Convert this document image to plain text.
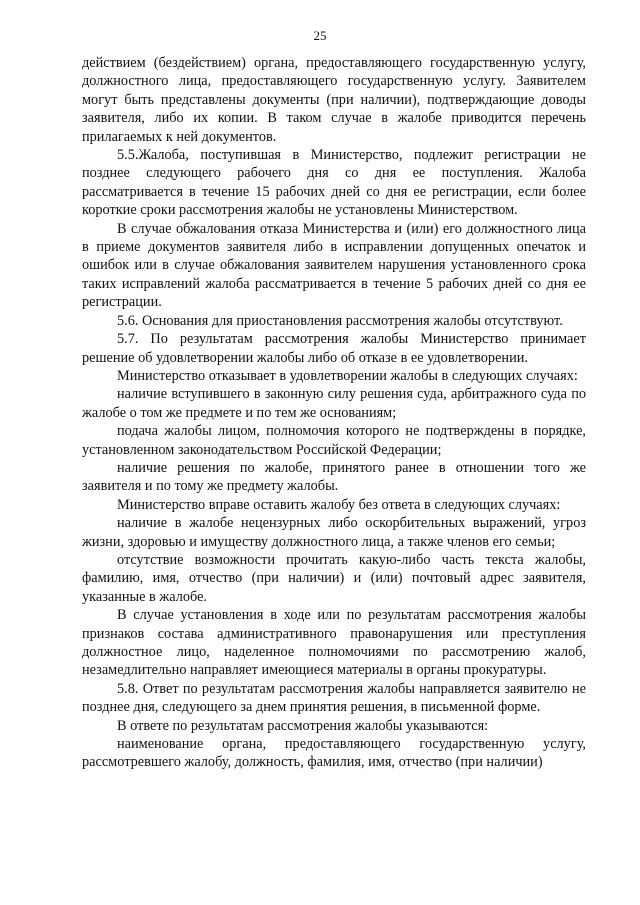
25

действием (бездействием) органа, предоставляющего государственную услугу, должностного лица, предоставляющего государственную услугу. Заявителем могут быть представлены документы (при наличии), подтверждающие доводы заявителя, либо их копии. В таком случае в жалобе приводится перечень прилагаемых к ней документов.

5.5.Жалоба, поступившая в Министерство, подлежит регистрации не позднее следующего рабочего дня со дня ее поступления. Жалоба рассматривается в течение 15 рабочих дней со дня ее регистрации, если более короткие сроки рассмотрения жалобы не установлены Министерством.

В случае обжалования отказа Министерства и (или) его должностного лица в приеме документов заявителя либо в исправлении допущенных опечаток и ошибок или в случае обжалования заявителем нарушения установленного срока таких исправлений жалоба рассматривается в течение 5 рабочих дней со дня ее регистрации.

5.6. Основания для приостановления рассмотрения жалобы отсутствуют.

5.7. По результатам рассмотрения жалобы Министерство принимает решение об удовлетворении жалобы либо об отказе в ее удовлетворении.

Министерство отказывает в удовлетворении жалобы в следующих случаях:

наличие вступившего в законную силу решения суда, арбитражного суда по жалобе о том же предмете и по тем же основаниям;

подача жалобы лицом, полномочия которого не подтверждены в порядке, установленном законодательством Российской Федерации;

наличие решения по жалобе, принятого ранее в отношении того же заявителя и по тому же предмету жалобы.

Министерство вправе оставить жалобу без ответа в следующих случаях:

наличие в жалобе нецензурных либо оскорбительных выражений, угроз жизни, здоровью и имуществу должностного лица, а также членов его семьи;

отсутствие возможности прочитать какую-либо часть текста жалобы, фамилию, имя, отчество (при наличии) и (или) почтовый адрес заявителя, указанные в жалобе.

В случае установления в ходе или по результатам рассмотрения жалобы признаков состава административного правонарушения или преступления должностное лицо, наделенное полномочиями по рассмотрению жалоб, незамедлительно направляет имеющиеся материалы в органы прокуратуры.

5.8. Ответ по результатам рассмотрения жалобы направляется заявителю не позднее дня, следующего за днем принятия решения, в письменной форме.

В ответе по результатам рассмотрения жалобы указываются:

наименование органа, предоставляющего государственную услугу, рассмотревшего жалобу, должность, фамилия, имя, отчество (при наличии)
